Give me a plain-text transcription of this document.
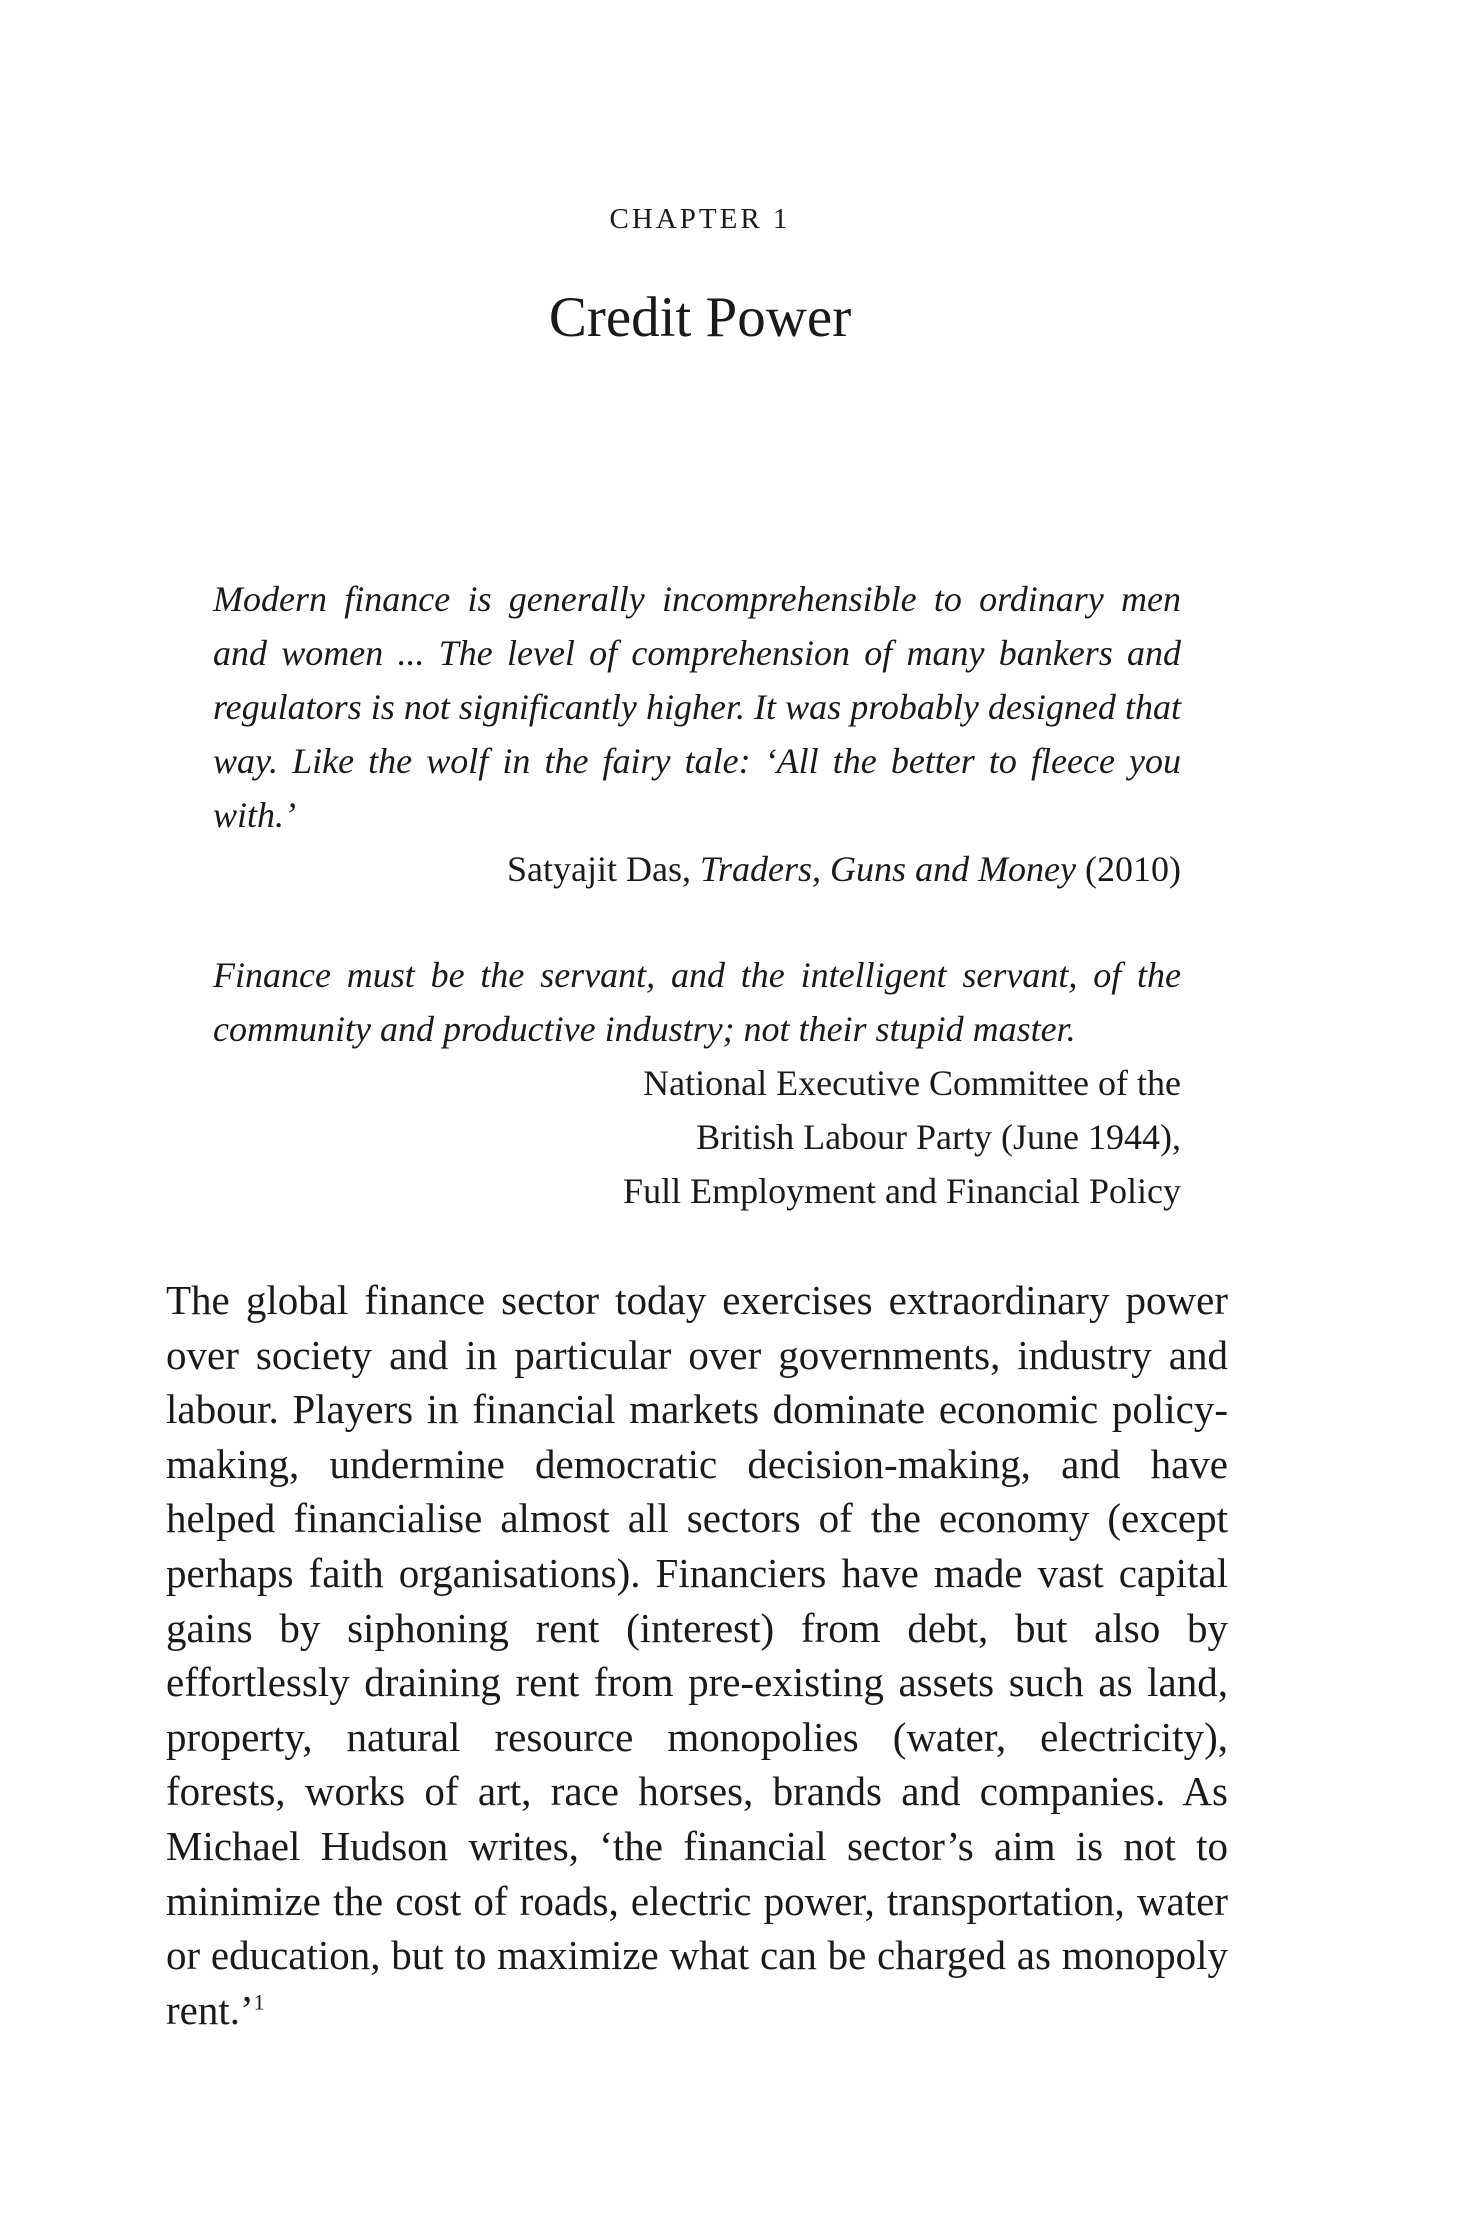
CHAPTER 1
Credit Power

Modern finance is generally incomprehensible to ordinary men and women ... The level of comprehension of many bankers and regulators is not significantly higher. It was probably designed that way. Like the wolf in the fairy tale: ‘All the better to fleece you with.’

Satyajit Das, Traders, Guns and Money (2010)

Finance must be the servant, and the intelligent servant, of the community and productive industry; not their stupid master.

National Executive Committee of the
British Labour Party (June 1944),
Full Employment and Financial Policy

The global finance sector today exercises extraordinary power over society and in particular over governments, industry and labour. Players in financial markets dominate economic policy-making, undermine democratic decision-making, and have helped financialise almost all sectors of the economy (except perhaps faith organisations). Financiers have made vast capital gains by siphoning rent (interest) from debt, but also by effortlessly draining rent from pre-existing assets such as land, property, natural resource monopolies (water, electricity), forests, works of art, race horses, brands and companies. As Michael Hudson writes, ‘the financial sector’s aim is not to minimize the cost of roads, electric power, transportation, water or education, but to maximize what can be charged as monopoly rent.’$^1$
